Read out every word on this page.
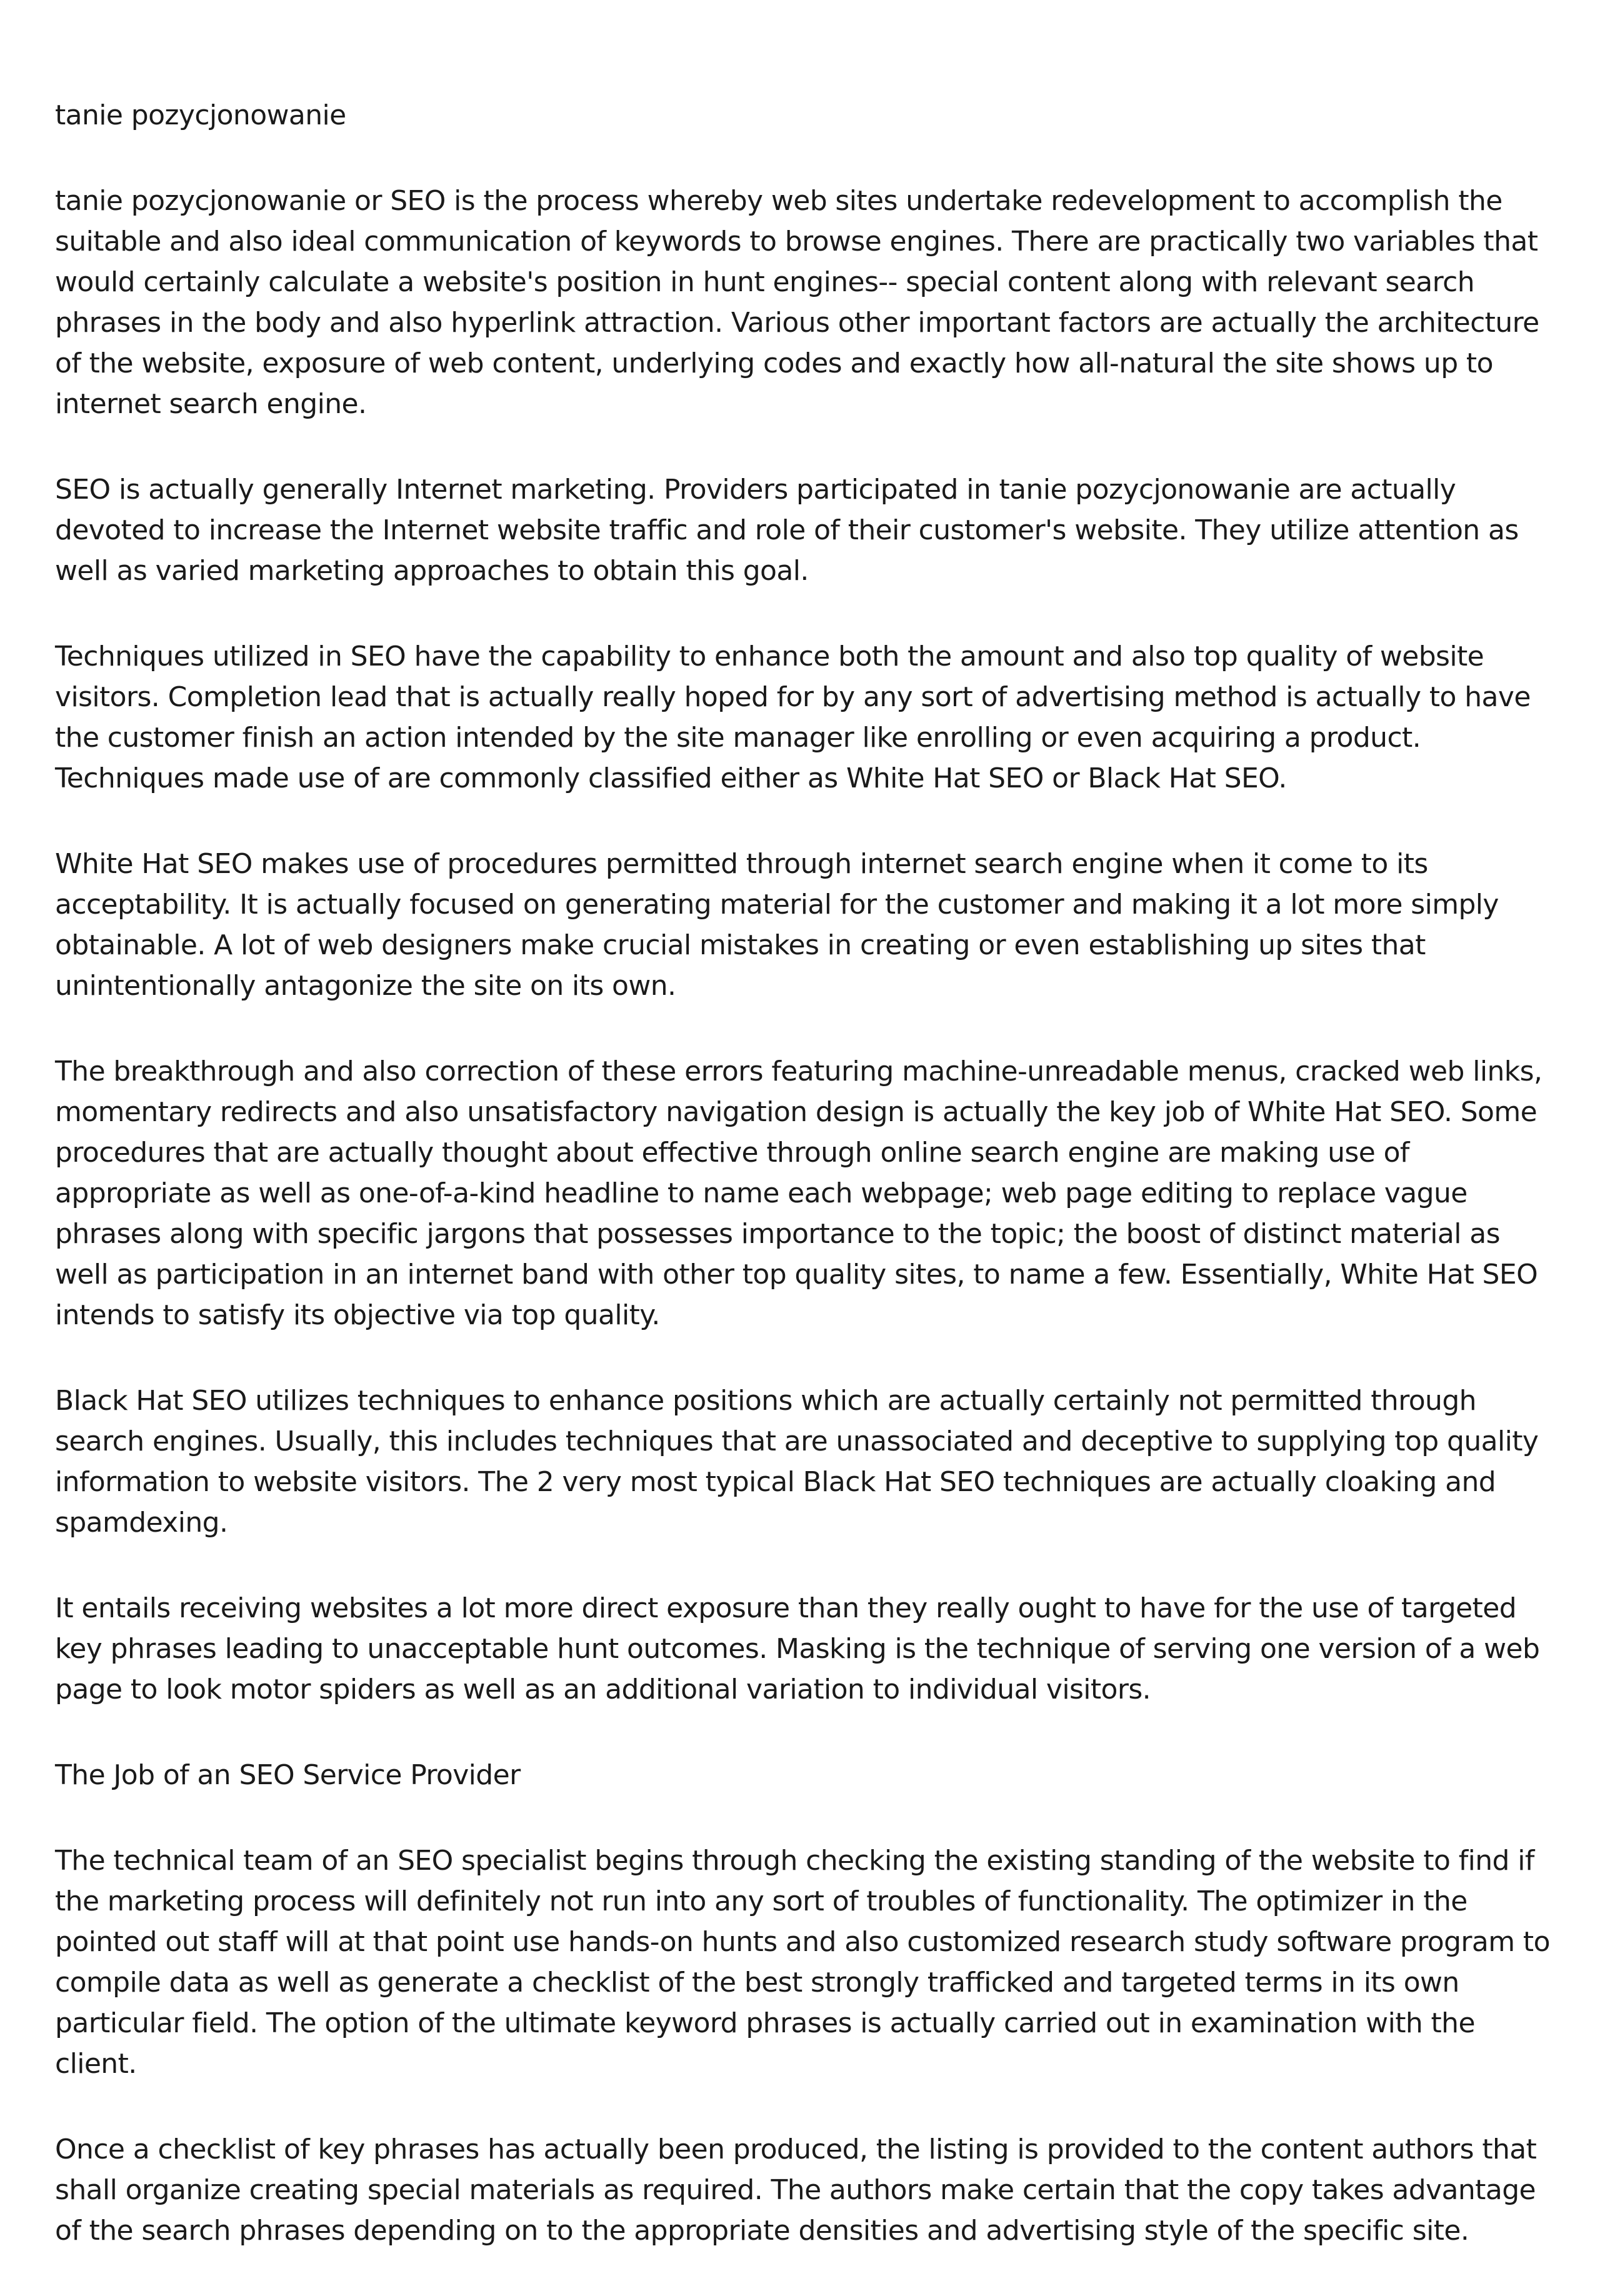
tanie pozycjonowanie

tanie pozycjonowanie or SEO is the process whereby web sites undertake redevelopment to accomplish the suitable and also ideal communication of keywords to browse engines. There are practically two variables that would certainly calculate a website's position in hunt engines-- special content along with relevant search phrases in the body and also hyperlink attraction. Various other important factors are actually the architecture of the website, exposure of web content, underlying codes and exactly how all-natural the site shows up to internet search engine.

SEO is actually generally Internet marketing. Providers participated in tanie pozycjonowanie are actually devoted to increase the Internet website traffic and role of their customer's website. They utilize attention as well as varied marketing approaches to obtain this goal.

Techniques utilized in SEO have the capability to enhance both the amount and also top quality of website visitors. Completion lead that is actually really hoped for by any sort of advertising method is actually to have the customer finish an action intended by the site manager like enrolling or even acquiring a product. Techniques made use of are commonly classified either as White Hat SEO or Black Hat SEO.

White Hat SEO makes use of procedures permitted through internet search engine when it come to its acceptability. It is actually focused on generating material for the customer and making it a lot more simply obtainable. A lot of web designers make crucial mistakes in creating or even establishing up sites that unintentionally antagonize the site on its own.

The breakthrough and also correction of these errors featuring machine-unreadable menus, cracked web links, momentary redirects and also unsatisfactory navigation design is actually the key job of White Hat SEO. Some procedures that are actually thought about effective through online search engine are making use of appropriate as well as one-of-a-kind headline to name each webpage; web page editing to replace vague phrases along with specific jargons that possesses importance to the topic; the boost of distinct material as well as participation in an internet band with other top quality sites, to name a few. Essentially, White Hat SEO intends to satisfy its objective via top quality.

Black Hat SEO utilizes techniques to enhance positions which are actually certainly not permitted through search engines. Usually, this includes techniques that are unassociated and deceptive to supplying top quality information to website visitors. The 2 very most typical Black Hat SEO techniques are actually cloaking and spamdexing.

It entails receiving websites a lot more direct exposure than they really ought to have for the use of targeted key phrases leading to unacceptable hunt outcomes. Masking is the technique of serving one version of a web page to look motor spiders as well as an additional variation to individual visitors.

The Job of an SEO Service Provider

The technical team of an SEO specialist begins through checking the existing standing of the website to find if the marketing process will definitely not run into any sort of troubles of functionality. The optimizer in the pointed out staff will at that point use hands-on hunts and also customized research study software program to compile data as well as generate a checklist of the best strongly trafficked and targeted terms in its own particular field. The option of the ultimate keyword phrases is actually carried out in examination with the client.

Once a checklist of key phrases has actually been produced, the listing is provided to the content authors that shall organize creating special materials as required. The authors make certain that the copy takes advantage of the search phrases depending on to the appropriate densities and advertising style of the specific site.
